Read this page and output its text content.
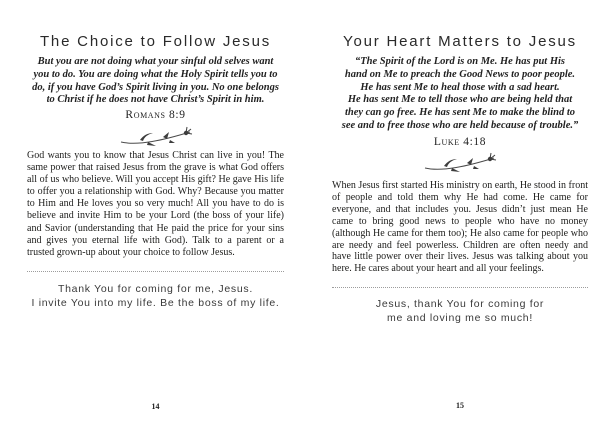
The Choice to Follow Jesus
But you are not doing what your sinful old selves want
you to do. You are doing what the Holy Spirit tells you to
do, if you have God’s Spirit living in you. No one belongs
to Christ if he does not have Christ’s Spirit in him.
Romans 8:9
God wants you to know that Jesus Christ can live in you! The same power that raised Jesus from the grave is what God offers all of us who believe. Will you accept His gift? He gave His life to offer you a relationship with God. Why? Because you matter to Him and He loves you so very much! All you have to do is believe and invite Him to be your Lord (the boss of your life) and Savior (understanding that He paid the price for your sins and gives you eternal life with God). Talk to a parent or a trusted grown-up about your choice to follow Jesus.
Thank You for coming for me, Jesus.
I invite You into my life. Be the boss of my life.
14
Your Heart Matters to Jesus
“The Spirit of the Lord is on Me. He has put His
hand on Me to preach the Good News to poor people.
He has sent Me to heal those with a sad heart.
He has sent Me to tell those who are being held that
they can go free. He has sent Me to make the blind to
see and to free those who are held because of trouble.”
Luke 4:18
When Jesus first started His ministry on earth, He stood in front of people and told them why He had come. He came for everyone, and that includes you. Jesus didn’t just mean He came to bring good news to people who have no money (although He came for them too); He also came for people who are needy and feel powerless. Children are often needy and have little power over their lives. Jesus was talking about you here. He cares about your heart and all your feelings.
Jesus, thank You for coming for
me and loving me so much!
15
